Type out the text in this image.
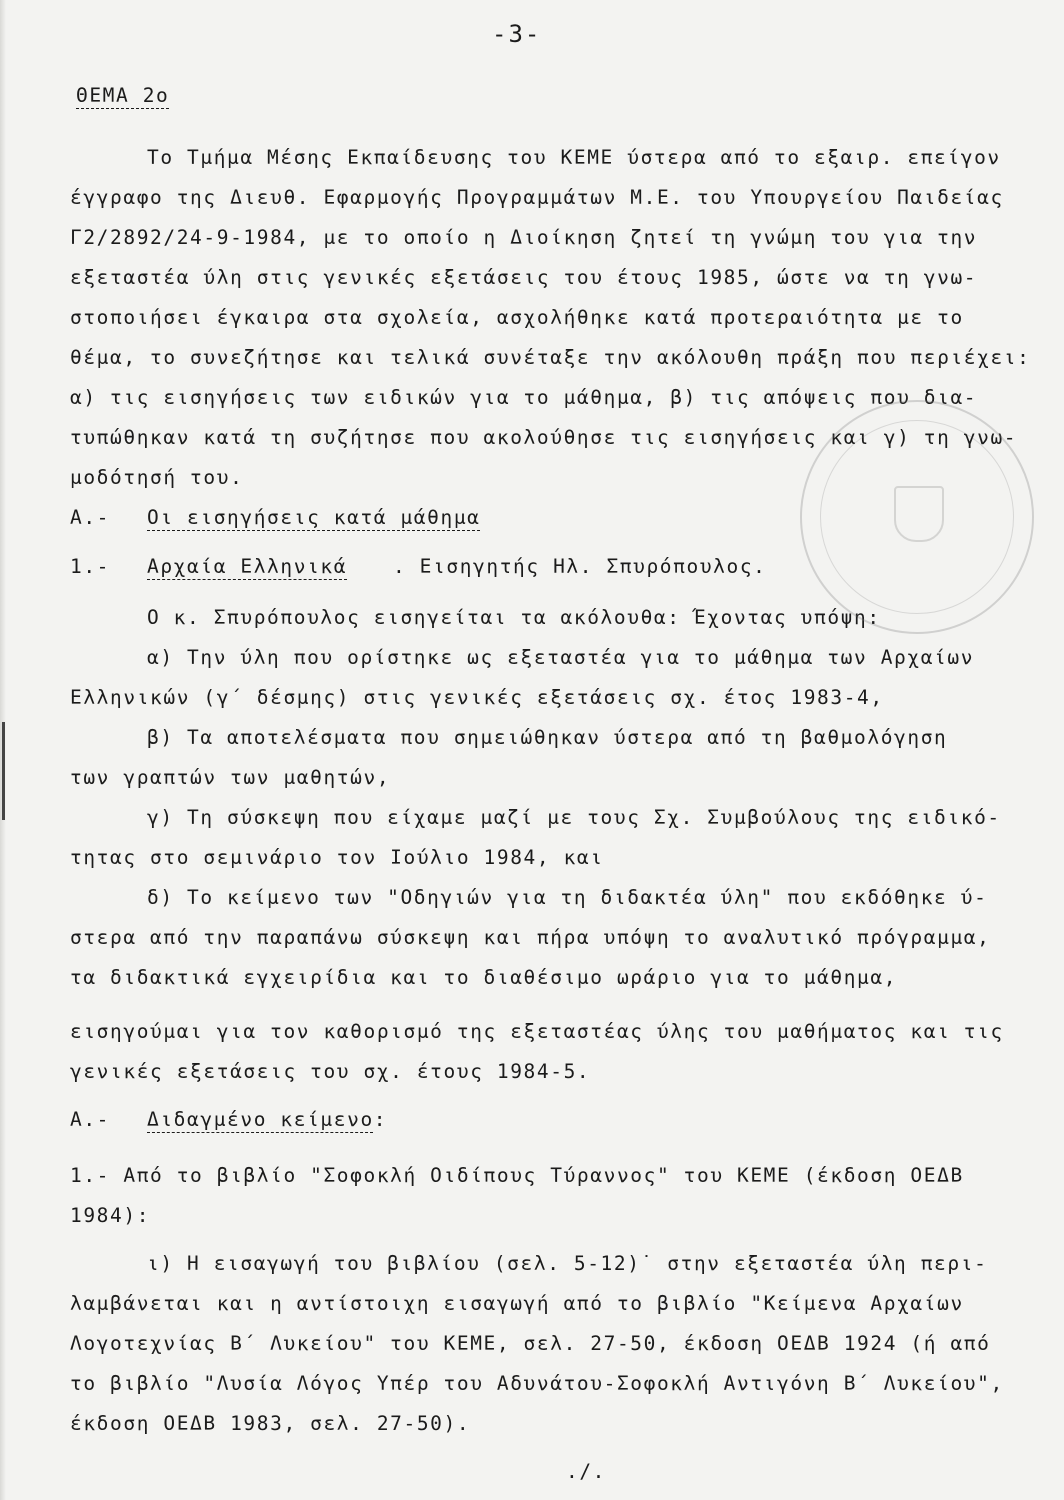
-3-
ΘΕΜΑ 2ο
Το Τμήμα Μέσης Εκπαίδευσης του ΚΕΜΕ ύστερα από το εξαιρ. επείγον
έγγραφο της Διευθ. Εφαρμογής Προγραμμάτων Μ.Ε. του Υπουργείου Παιδείας
Γ2/2892/24-9-1984, με το οποίο η Διοίκηση ζητεί τη γνώμη του για την
εξεταστέα ύλη στις γενικές εξετάσεις του έτους 1985, ώστε να τη γνω-
στοποιήσει έγκαιρα στα σχολεία, ασχολήθηκε κατά προτεραιότητα με το
θέμα, το συνεζήτησε και τελικά συνέταξε την ακόλουθη πράξη που περιέχει:
α) τις εισηγήσεις των ειδικών για το μάθημα, β) τις απόψεις που δια-
τυπώθηκαν κατά τη συζήτησε που ακολούθησε τις εισηγήσεις και γ) τη γνω-
μοδότησή του.
Α.- Οι εισηγήσεις κατά μάθημα
1.- Αρχαία Ελληνικά . Εισηγητής Ηλ. Σπυρόπουλος.
Ο κ. Σπυρόπουλος εισηγείται τα ακόλουθα: Έχοντας υπόψη:
α) Την ύλη που ορίστηκε ως εξεταστέα για το μάθημα των Αρχαίων
Ελληνικών (γ΄ δέσμης) στις γενικές εξετάσεις σχ. έτος 1983-4,
β) Τα αποτελέσματα που σημειώθηκαν ύστερα από τη βαθμολόγηση
των γραπτών των μαθητών,
γ) Τη σύσκεψη που είχαμε μαζί με τους Σχ. Συμβούλους της ειδικό-
τητας στο σεμινάριο τον Ιούλιο 1984, και
δ) Το κείμενο των "Οδηγιών για τη διδακτέα ύλη" που εκδόθηκε ύ-
στερα από την παραπάνω σύσκεψη και πήρα υπόψη το αναλυτικό πρόγραμμα,
τα διδακτικά εγχειρίδια και το διαθέσιμο ωράριο για το μάθημα,
εισηγούμαι για τον καθορισμό της εξεταστέας ύλης του μαθήματος και τις
γενικές εξετάσεις του σχ. έτους 1984-5.
Α.- Διδαγμένο κείμενο:
1.- Από το βιβλίο "Σοφοκλή Οιδίπους Τύραννος" του ΚΕΜΕ (έκδοση ΟΕΔΒ
1984):
ι) Η εισαγωγή του βιβλίου (σελ. 5-12)˙ στην εξεταστέα ύλη περι-
λαμβάνεται και η αντίστοιχη εισαγωγή από το βιβλίο "Κείμενα Αρχαίων
Λογοτεχνίας Β΄ Λυκείου" του ΚΕΜΕ, σελ. 27-50, έκδοση ΟΕΔΒ 1924 (ή από
το βιβλίο "Λυσία Λόγος Υπέρ του Αδυνάτου-Σοφοκλή Αντιγόνη Β΄ Λυκείου",
έκδοση ΟΕΔΒ 1983, σελ. 27-50).
./.
